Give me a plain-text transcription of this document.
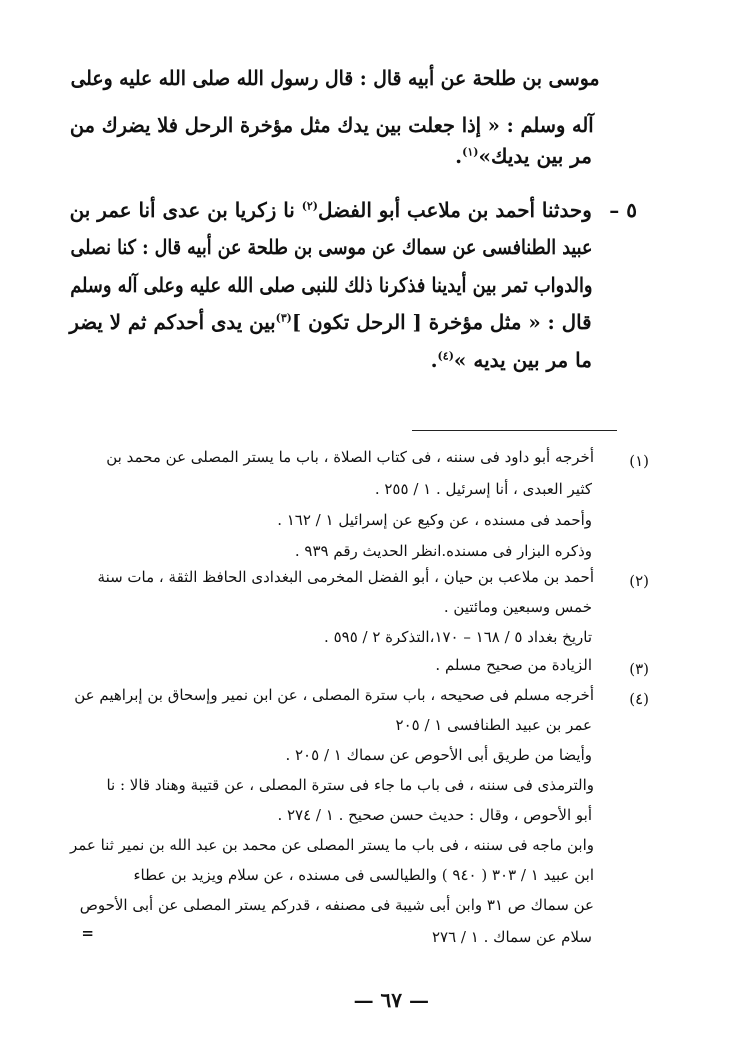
موسى بن طلحة عن أبيه قال : قال رسول الله صلى الله عليه وعلى
آله وسلم : « إذا جعلت بين يدك مثل مؤخرة الرحل فلا يضرك من
مر بين يديك»$^{(١)}$.
٥ –
وحدثنا أحمد بن ملاعب أبو الفضل$^{(٢)}$ نا زكريا بن عدى أنا عمر بن
عبيد الطنافسى عن سماك عن موسى بن طلحة عن أبيه قال : كنا نصلى
والدواب تمر بين أيدينا فذكرنا ذلك للنبى صلى الله عليه وعلى آله وسلم
قال : « مثل مؤخرة [ الرحل تكون ]$^{(٣)}$بين يدى أحدكم ثم لا يضر
ما مر بين يديه »$^{(٤)}$.
(١)
أخرجه أبو داود فى سننه ، فى كتاب الصلاة ، باب ما يستر المصلى عن محمد بن
كثير العبدى ، أنا إسرئيل . ١ / ٢٥٥ .
وأحمد فى مسنده ، عن وكيع عن إسرائيل ١ / ١٦٢ .
وذكره البزار فى مسنده.انظر الحديث رقم ٩٣٩ .
(٢)
أحمد بن ملاعب بن حيان ، أبو الفضل المخرمى البغدادى الحافظ الثقة ، مات سنة
خمس وسبعين ومائتين .
تاريخ بغداد ٥ / ١٦٨ – ١٧٠،التذكرة ٢ / ٥٩٥ .
(٣)
الزيادة من صحيح مسلم .
(٤)
أخرجه مسلم فى صحيحه ، باب سترة المصلى ، عن ابن نمير وإسحاق بن إبراهيم عن
عمر بن عبيد الطنافسى ١ / ٢٠٥
وأيضا من طريق أبى الأحوص عن سماك ١ / ٢٠٥ .
والترمذى فى سننه ، فى باب ما جاء فى سترة المصلى ، عن قتيبة وهناد قالا : نا
أبو الأحوص ، وقال : حديث حسن صحيح . ١ / ٢٧٤ .
وابن ماجه فى سننه ، فى باب ما يستر المصلى عن محمد بن عبد الله بن نمير ثنا عمر
ابن عبيد ١ / ٣٠٣ ( ٩٤٠ ) والطيالسى فى مسنده ، عن سلام ويزيد بن عطاء
عن سماك ص ٣١ وابن أبى شيبة فى مصنفه ، قدركم يستر المصلى عن أبى الأحوص
سلام عن سماك . ١ / ٢٧٦
=
— ٦٧ —
